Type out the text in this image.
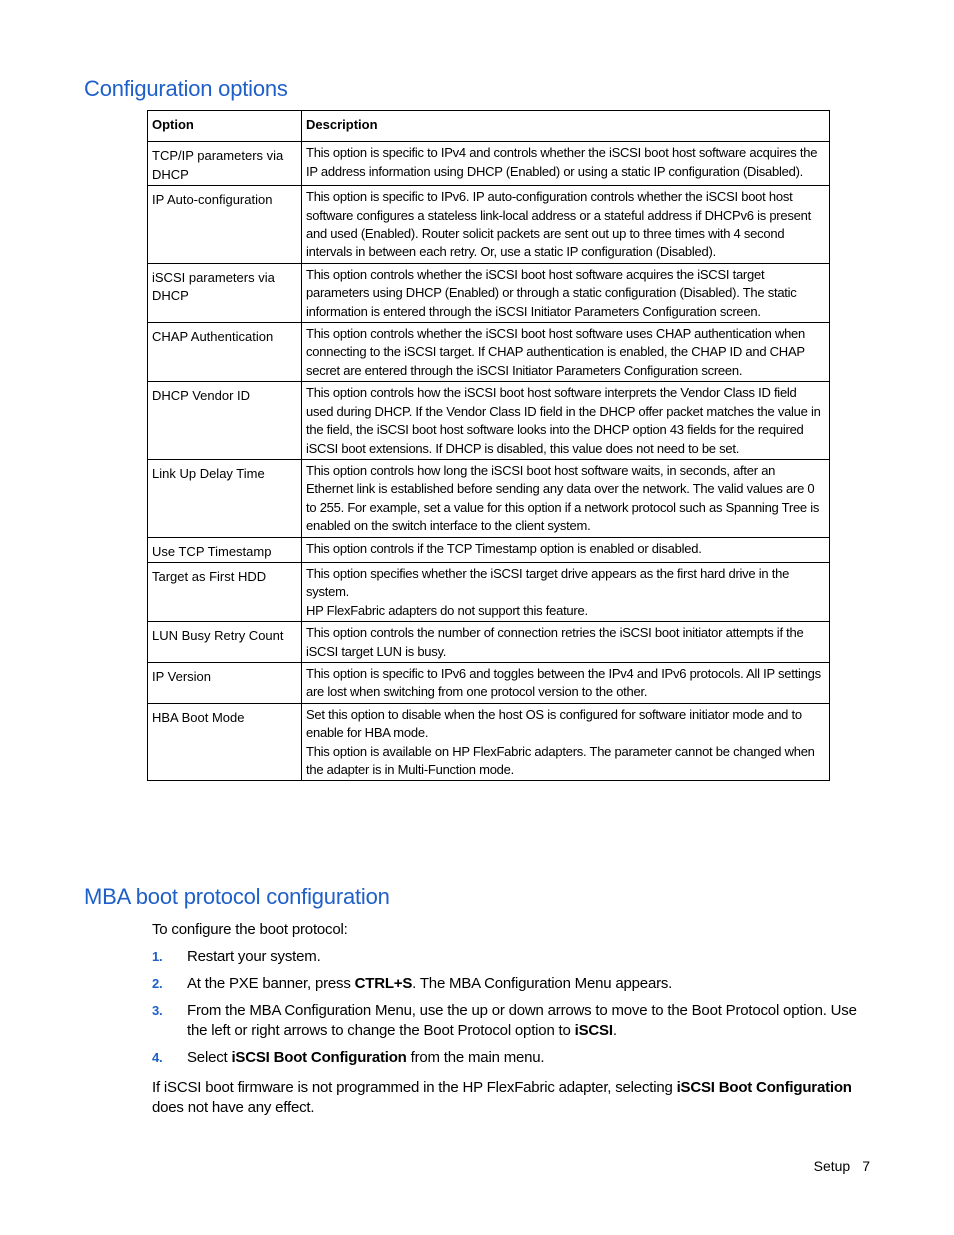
Configuration options
Option	Description
TCP/IP parameters via DHCP	This option is specific to IPv4 and controls whether the iSCSI boot host software acquires the IP address information using DHCP (Enabled) or using a static IP configuration (Disabled).
IP Auto-configuration	This option is specific to IPv6. IP auto-configuration controls whether the iSCSI boot host software configures a stateless link-local address or a stateful address if DHCPv6 is present and used (Enabled). Router solicit packets are sent out up to three times with 4 second intervals in between each retry. Or, use a static IP configuration (Disabled).
iSCSI parameters via DHCP	This option controls whether the iSCSI boot host software acquires the iSCSI target parameters using DHCP (Enabled) or through a static configuration (Disabled). The static information is entered through the iSCSI Initiator Parameters Configuration screen.
CHAP Authentication	This option controls whether the iSCSI boot host software uses CHAP authentication when connecting to the iSCSI target. If CHAP authentication is enabled, the CHAP ID and CHAP secret are entered through the iSCSI Initiator Parameters Configuration screen.
DHCP Vendor ID	This option controls how the iSCSI boot host software interprets the Vendor Class ID field used during DHCP. If the Vendor Class ID field in the DHCP offer packet matches the value in the field, the iSCSI boot host software looks into the DHCP option 43 fields for the required iSCSI boot extensions. If DHCP is disabled, this value does not need to be set.
Link Up Delay Time	This option controls how long the iSCSI boot host software waits, in seconds, after an Ethernet link is established before sending any data over the network. The valid values are 0 to 255. For example, set a value for this option if a network protocol such as Spanning Tree is enabled on the switch interface to the client system.
Use TCP Timestamp	This option controls if the TCP Timestamp option is enabled or disabled.
Target as First HDD	This option specifies whether the iSCSI target drive appears as the first hard drive in the system.
HP FlexFabric adapters do not support this feature.
LUN Busy Retry Count	This option controls the number of connection retries the iSCSI boot initiator attempts if the iSCSI target LUN is busy.
IP Version	This option is specific to IPv6 and toggles between the IPv4 and IPv6 protocols. All IP settings are lost when switching from one protocol version to the other.
HBA Boot Mode	Set this option to disable when the host OS is configured for software initiator mode and to enable for HBA mode.
This option is available on HP FlexFabric adapters. The parameter cannot be changed when the adapter is in Multi-Function mode.
MBA boot protocol configuration
To configure the boot protocol:
1. Restart your system.
2. At the PXE banner, press CTRL+S. The MBA Configuration Menu appears.
3. From the MBA Configuration Menu, use the up or down arrows to move to the Boot Protocol option. Use the left or right arrows to change the Boot Protocol option to iSCSI.
4. Select iSCSI Boot Configuration from the main menu.
If iSCSI boot firmware is not programmed in the HP FlexFabric adapter, selecting iSCSI Boot Configuration does not have any effect.
Setup 7
